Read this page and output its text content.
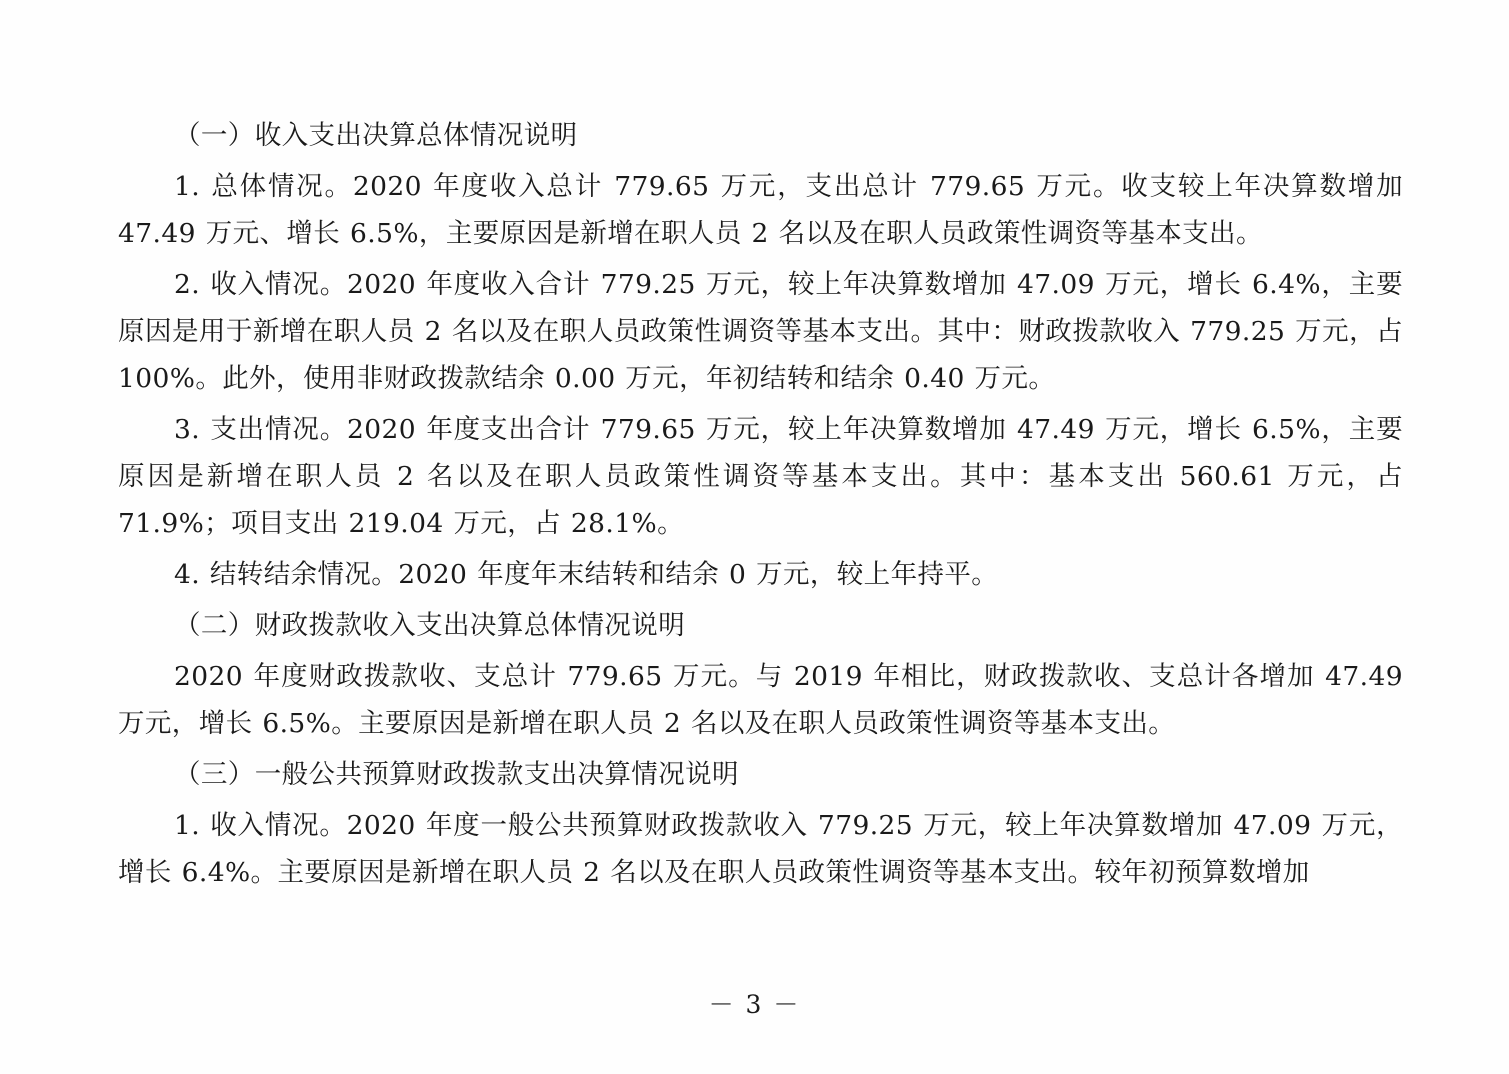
（一）收入支出决算总体情况说明

1. 总体情况。2020 年度收入总计 779.65 万元，支出总计 779.65 万元。收支较上年决算数增加 47.49 万元、增长 6.5%，主要原因是新增在职人员 2 名以及在职人员政策性调资等基本支出。

2. 收入情况。2020 年度收入合计 779.25 万元，较上年决算数增加 47.09 万元，增长 6.4%，主要原因是用于新增在职人员 2 名以及在职人员政策性调资等基本支出。其中：财政拨款收入 779.25 万元，占 100%。此外，使用非财政拨款结余 0.00 万元，年初结转和结余 0.40 万元。

3. 支出情况。2020 年度支出合计 779.65 万元，较上年决算数增加 47.49 万元，增长 6.5%，主要原因是新增在职人员 2 名以及在职人员政策性调资等基本支出。其中：基本支出 560.61 万元，占 71.9%；项目支出 219.04 万元，占 28.1%。

4. 结转结余情况。2020 年度年末结转和结余 0 万元，较上年持平。

（二）财政拨款收入支出决算总体情况说明

2020 年度财政拨款收、支总计 779.65 万元。与 2019 年相比，财政拨款收、支总计各增加 47.49 万元，增长 6.5%。主要原因是新增在职人员 2 名以及在职人员政策性调资等基本支出。

（三）一般公共预算财政拨款支出决算情况说明

1. 收入情况。2020 年度一般公共预算财政拨款收入 779.25 万元，较上年决算数增加 47.09 万元，增长 6.4%。主要原因是新增在职人员 2 名以及在职人员政策性调资等基本支出。较年初预算数增加

－ 3 －
